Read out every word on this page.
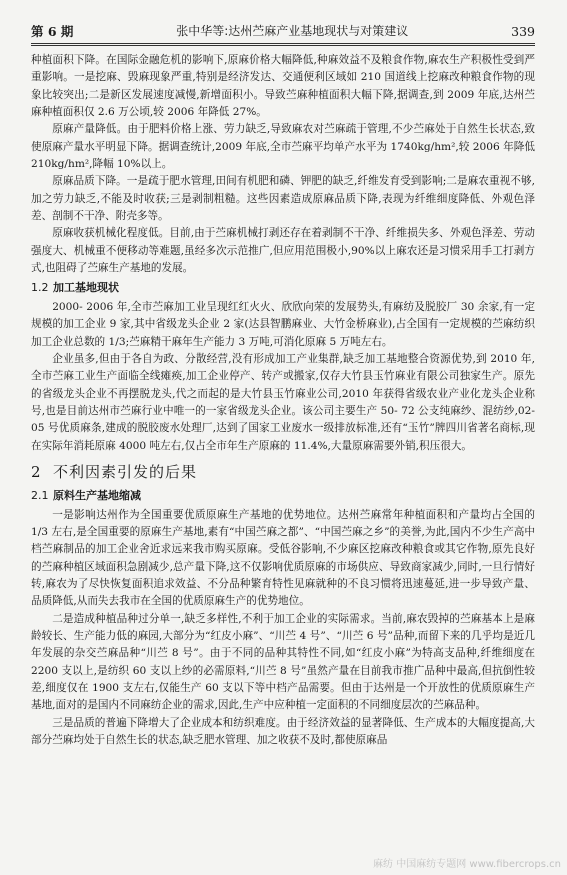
第 6 期	张中华等:达州苎麻产业基地现状与对策建议	339

种植面积下降。在国际金融危机的影响下,原麻价格大幅降低,种麻效益不及粮食作物,麻农生产积极性受到严重影响。一是挖麻、毁麻现象严重,特别是经济发达、交通便利区域如 210 国道线上挖麻改种粮食作物的现象比较突出;二是新区发展速度减慢,新增面积小。导致苎麻种植面积大幅下降,据调查,到 2009 年底,达州苎麻种植面积仅 2.6 万公顷,较 2006 年降低 27%。

原麻产量降低。由于肥料价格上涨、劳力缺乏,导致麻农对苎麻疏于管理,不少苎麻处于自然生长状态,致使原麻产量水平明显下降。据调查统计,2009 年底,全市苎麻平均单产水平为 1740kg/hm²,较 2006 年降低 210kg/hm²,降幅 10%以上。

原麻品质下降。一是疏于肥水管理,田间有机肥和磷、钾肥的缺乏,纤维发育受到影响;二是麻农重视不够,加之劳力缺乏,不能及时收获;三是剥制粗糙。这些因素造成原麻品质下降,表现为纤维细度降低、外观色泽差、剖制不干净、附壳多等。

原麻收获机械化程度低。目前,由于苎麻机械打剥还存在着剥制不干净、纤维损失多、外观色泽差、劳动强度大、机械重不便移动等难题,虽经多次示范推广,但应用范围极小,90%以上麻农还是习惯采用手工打剥方式,也阻碍了苎麻生产基地的发展。

1.2 加工基地现状

2000- 2006 年,全市苎麻加工业呈现红红火火、欣欣向荣的发展势头,有麻纺及脱胶厂 30 余家,有一定规模的加工企业 9 家,其中省级龙头企业 2 家(达县智鹏麻业、大竹金桥麻业),占全国有一定规模的苎麻纺织加工企业总数的 1/3;苎麻精干麻年生产能力 3 万吨,可消化原麻 5 万吨左右。

企业虽多,但由于各自为政、分散经营,没有形成加工产业集群,缺乏加工基地整合资源优势,到 2010 年,全市苎麻工业生产面临全线瘫痪,加工企业停产、转产或搬家,仅存大竹县玉竹麻业有限公司独家生产。原先的省级龙头企业不再摆脱龙头,代之而起的是大竹县玉竹麻业公司,2010 年获得省级农业产业化龙头企业称号,也是目前达州市苎麻行业中唯一的一家省级龙头企业。该公司主要生产 50- 72 公支纯麻纱、混纺纱,02- 05 号优质麻条,建成的脱胶废水处理厂,达到了国家工业废水一级排放标准,还有“玉竹”牌四川省著名商标,现在实际年消耗原麻 4000 吨左右,仅占全市年生产原麻的 11.4%,大量原麻需要外销,积压很大。

2 不利因素引发的后果
2.1 原料生产基地缩减

一是影响达州作为全国重要优质原麻生产基地的优势地位。达州苎麻常年种植面积和产量均占全国的 1/3 左右,是全国重要的原麻生产基地,素有“中国苎麻之都”、“中国苎麻之乡”的美誉,为此,国内不少生产高中档苎麻制品的加工企业舍近求远来我市购买原麻。受低谷影响,不少麻区挖麻改种粮食或其它作物,原先良好的苎麻种植区域面积急剧减少,总产量下降,这不仅影响优质原麻的市场供应、导致商家减少,同时,一旦行情好转,麻农为了尽快恢复面积追求效益、不分品种繁育特性见麻就种的不良习惯将迅速蔓延,进一步导致产量、品质降低,从而失去我市在全国的优质原麻生产的优势地位。

二是造成种植品种过分单一,缺乏多样性,不利于加工企业的实际需求。当前,麻农毁掉的苎麻基本上是麻龄较长、生产能力低的麻园,大部分为“红皮小麻”、“川苎 4 号”、“川苎 6 号”品种,而留下来的几乎均是近几年发展的杂交苎麻品种“川苎 8 号”。由于不同的品种其特性不同,如“红皮小麻”为特高支品种,纤维细度在 2200 支以上,是纺织 60 支以上纱的必需原料,“川苎 8 号”虽然产量在目前我市推广品种中最高,但抗倒性较差,细度仅在 1900 支左右,仅能生产 60 支以下等中档产品需要。但由于达州是一个开放性的优质原麻生产基地,面对的是国内不同麻纺企业的需求,因此,生产中应种植一定面积的不同细度层次的苎麻品种。

三是品质的普遍下降增大了企业成本和纺织难度。由于经济效益的显著降低、生产成本的大幅度提高,大部分苎麻均处于自然生长的状态,缺乏肥水管理、加之收获不及时,都使原麻品

麻纺 中国麻纺专题网 www.fibercrops.cn
